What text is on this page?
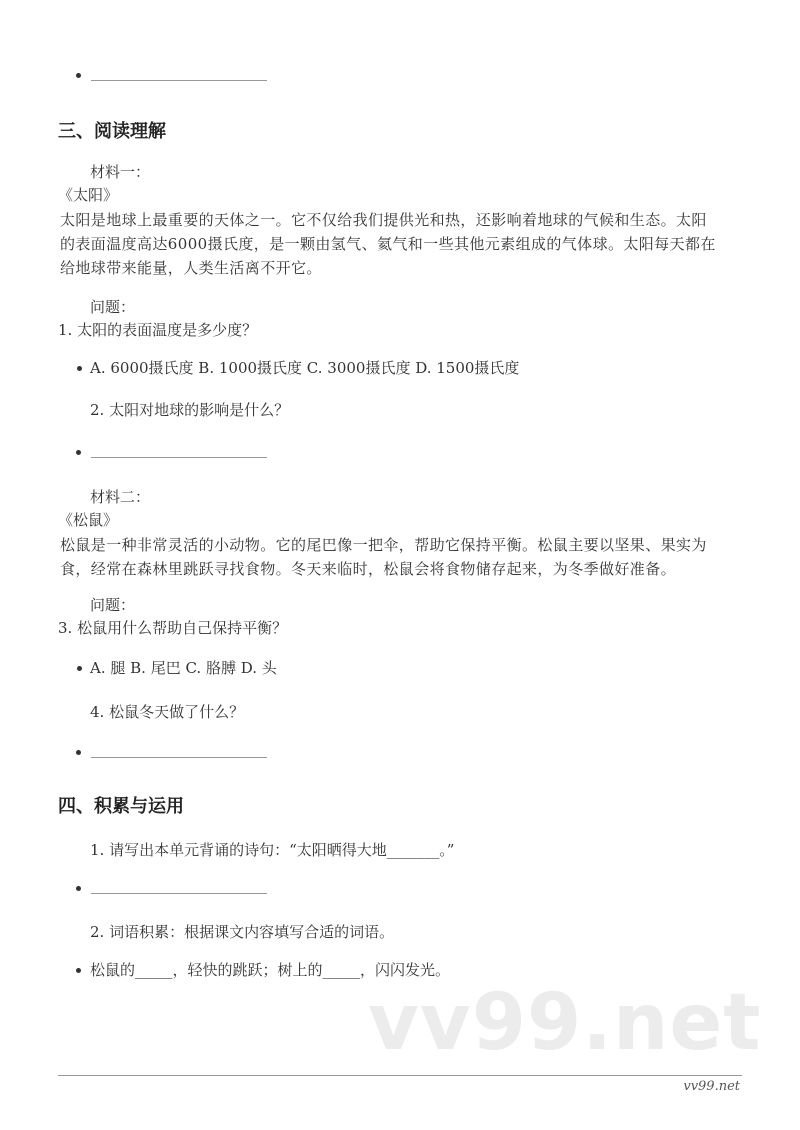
三、阅读理解
材料一：
《太阳》
太阳是地球上最重要的天体之一。它不仅给我们提供光和热，还影响着地球的气候和生态。太阳
的表面温度高达6000摄氏度，是一颗由氢气、氦气和一些其他元素组成的气体球。太阳每天都在
给地球带来能量，人类生活离不开它。
问题：
1. 太阳的表面温度是多少度？
A. 6000摄氏度 B. 1000摄氏度 C. 3000摄氏度 D. 1500摄氏度
2. 太阳对地球的影响是什么？
材料二：
《松鼠》
松鼠是一种非常灵活的小动物。它的尾巴像一把伞，帮助它保持平衡。松鼠主要以坚果、果实为
食，经常在森林里跳跃寻找食物。冬天来临时，松鼠会将食物储存起来，为冬季做好准备。
问题：
3. 松鼠用什么帮助自己保持平衡？
A. 腿 B. 尾巴 C. 胳膊 D. 头
4. 松鼠冬天做了什么？
四、积累与运用
1. 请写出本单元背诵的诗句：“太阳晒得大地_______。”
2. 词语积累：根据课文内容填写合适的词语。
松鼠的_____，轻快的跳跃；树上的_____，闪闪发光。
vv99.net
vv99.net
